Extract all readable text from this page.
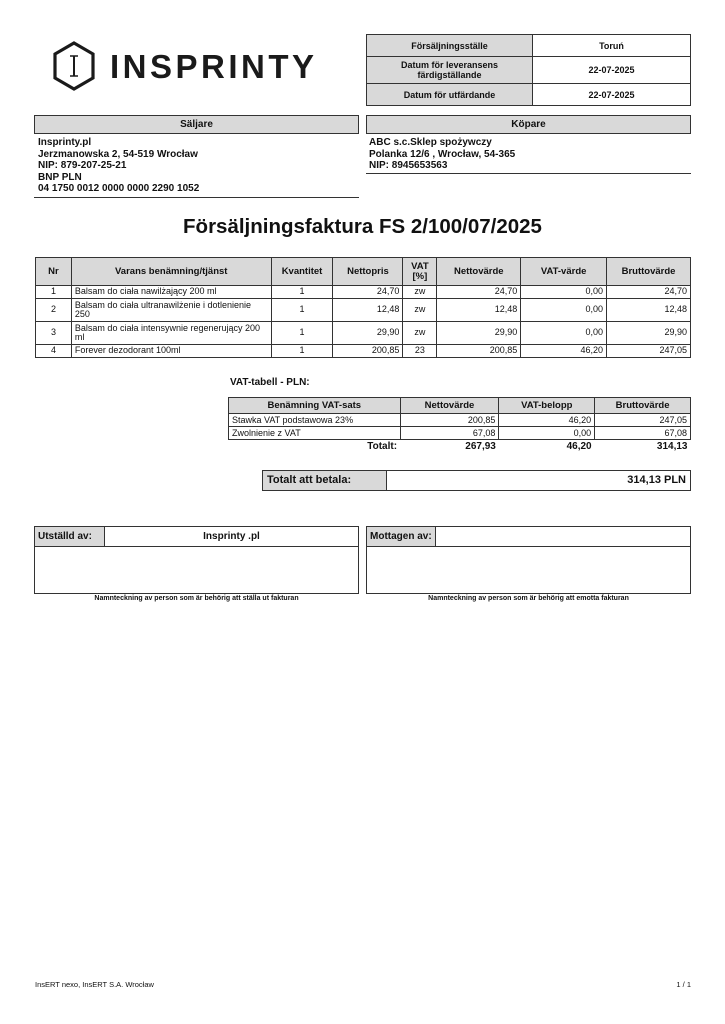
INSPRINTY
Försäljningsställe	Toruń
Datum för leveransens färdigställande	22-07-2025
Datum för utfärdande	22-07-2025
Säljare
Insprinty.pl
Jerzmanowska 2, 54-519 Wrocław
NIP: 879-207-25-21
BNP PLN
04 1750 0012 0000 0000 2290 1052
Köpare
ABC s.c.Sklep spożywczy
Polanka 12/6 , Wrocław, 54-365
NIP: 8945653563
Försäljningsfaktura FS 2/100/07/2025
Nr	Varans benämning/tjänst	Kvantitet	Nettopris	VAT [%]	Nettovärde	VAT-värde	Bruttovärde
1	Balsam do ciała nawilżający 200 ml	1	24,70	zw	24,70	0,00	24,70
2	Balsam do ciała ultranawilżenie i dotlenienie 250	1	12,48	zw	12,48	0,00	12,48
3	Balsam do ciała intensywnie regenerujący 200 ml	1	29,90	zw	29,90	0,00	29,90
4	Forever dezodorant 100ml	1	200,85	23	200,85	46,20	247,05
VAT-tabell - PLN:
Benämning VAT-sats	Nettovärde	VAT-belopp	Bruttovärde
Stawka VAT podstawowa 23%	200,85	46,20	247,05
Zwolnienie z VAT	67,08	0,00	67,08
Totalt:	267,93	46,20	314,13
Totalt att betala:	314,13 PLN
Utställd av:	Insprinty .pl
Namnteckning av person som är behörig att ställa ut fakturan
Mottagen av:
Namnteckning av person som är behörig att emotta fakturan
InsERT nexo, InsERT S.A. Wrocław	1 / 1
